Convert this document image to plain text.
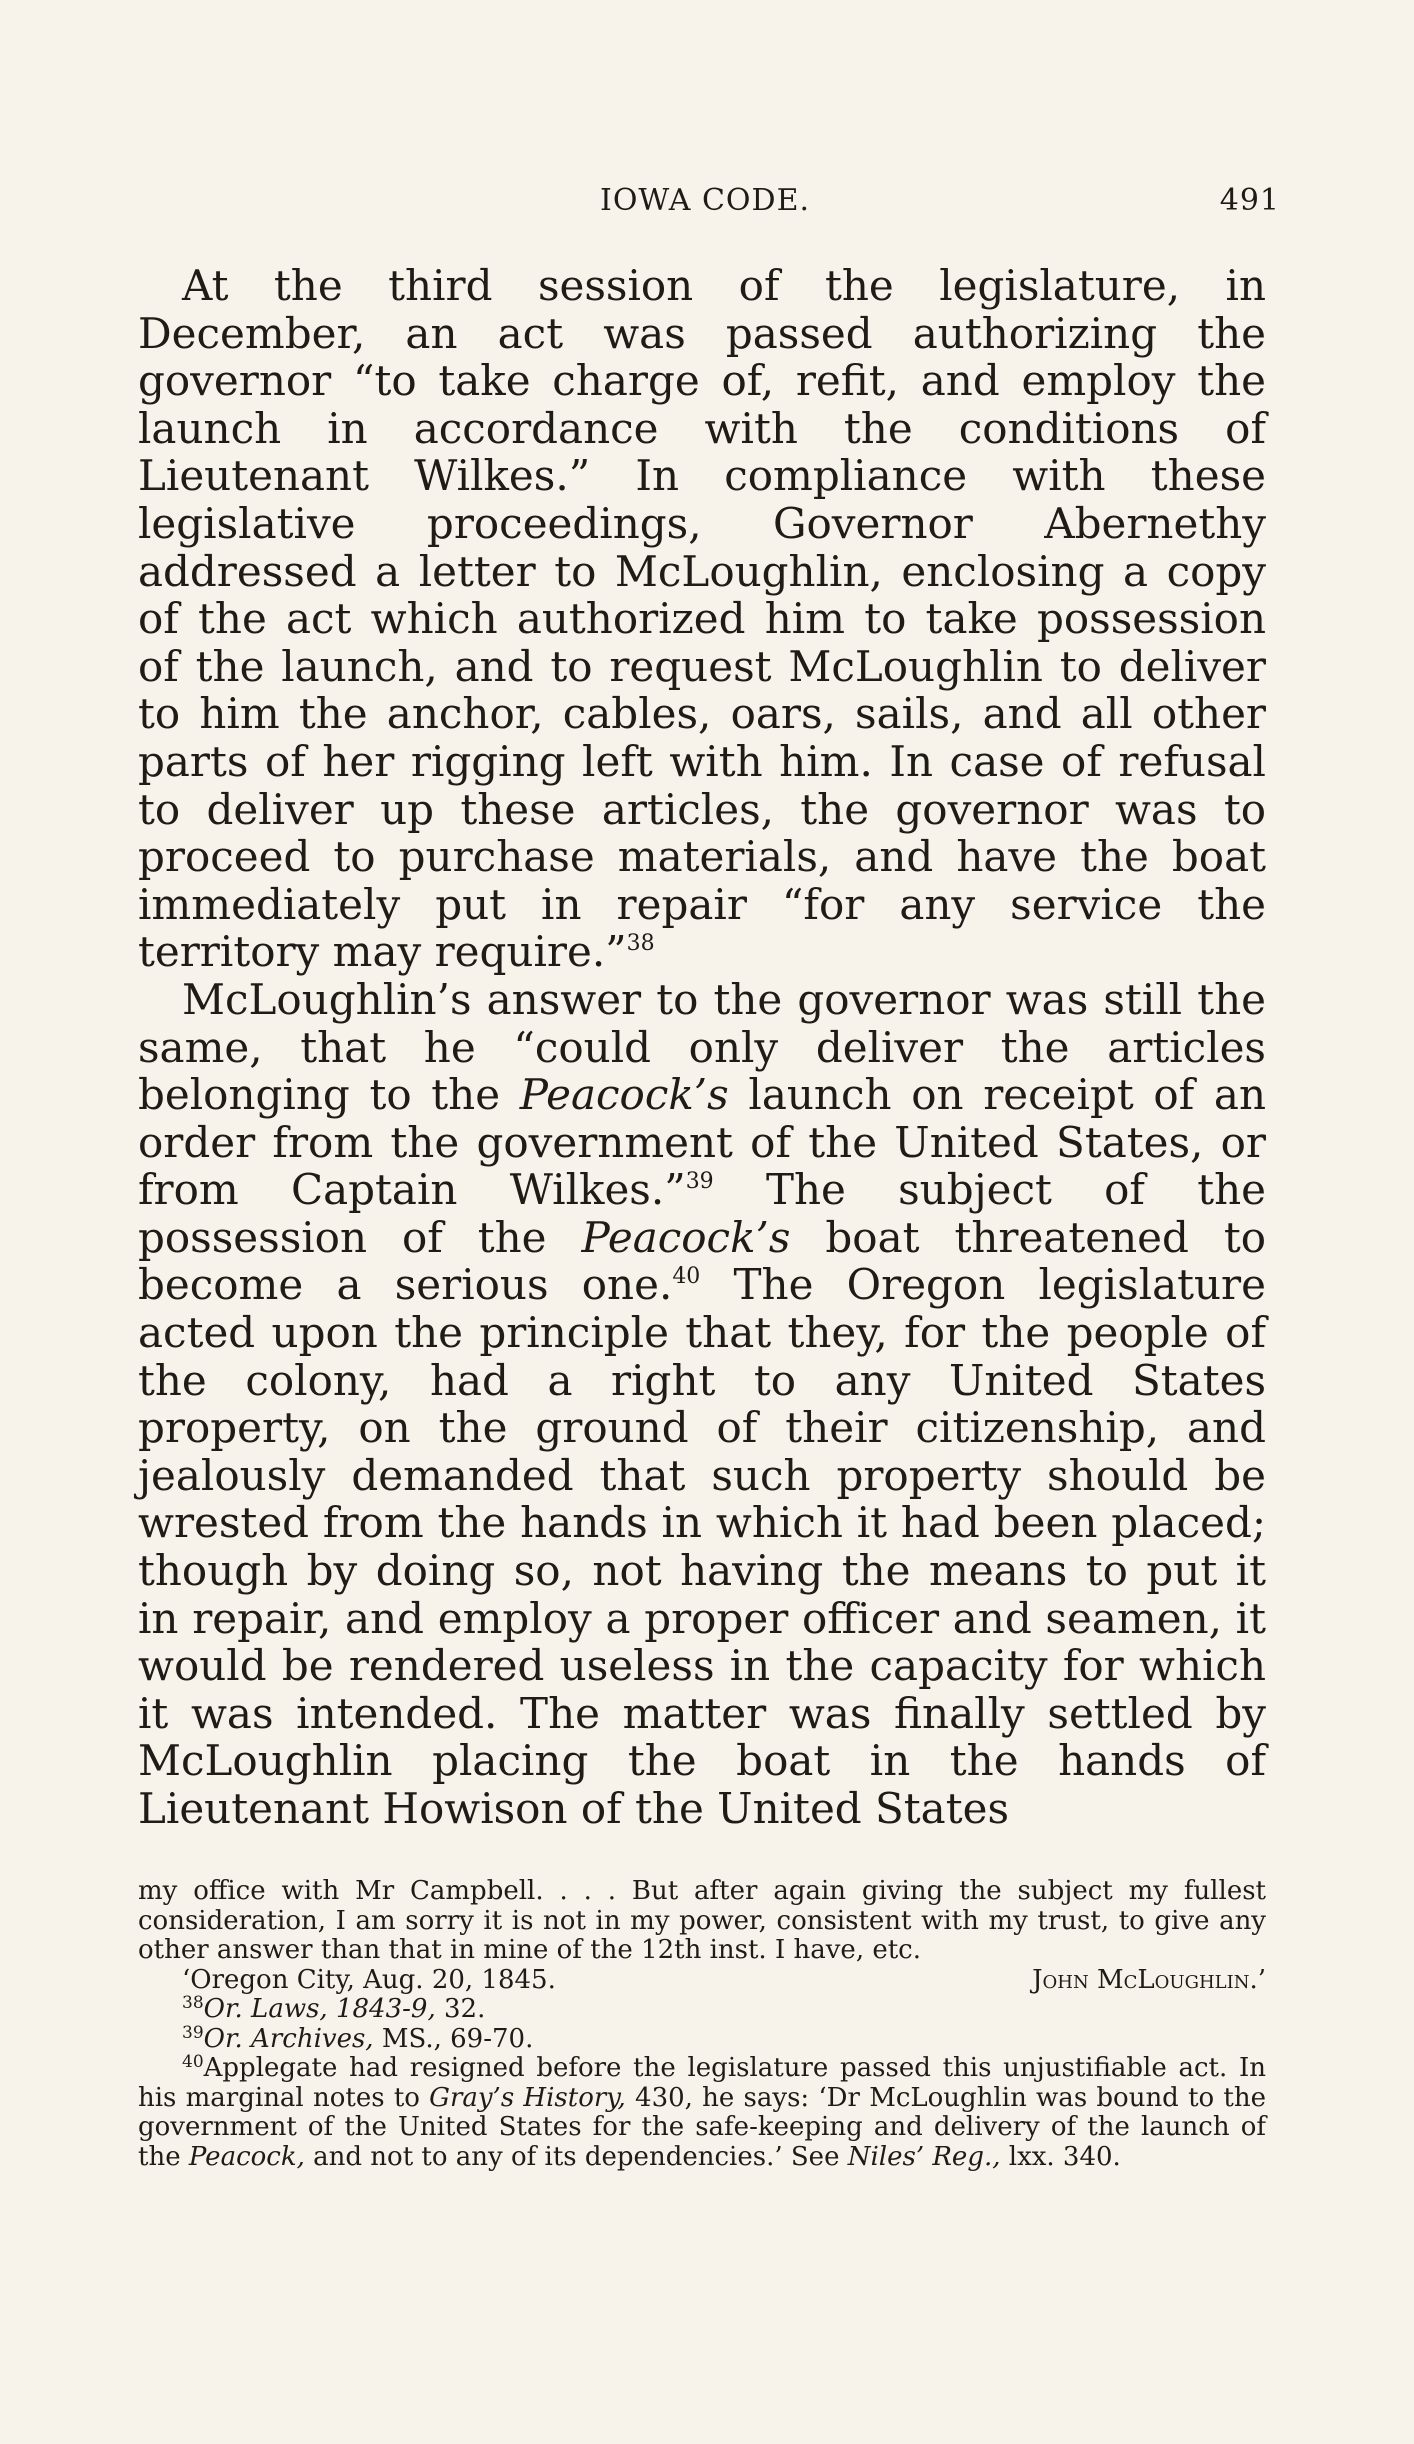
IOWA CODE.	491

At the third session of the legislature, in December, an act was passed authorizing the governor “to take charge of, refit, and employ the launch in accordance with the conditions of Lieutenant Wilkes.” In compliance with these legislative proceedings, Governor Abernethy addressed a letter to McLoughlin, enclosing a copy of the act which authorized him to take possession of the launch, and to request McLoughlin to deliver to him the anchor, cables, oars, sails, and all other parts of her rigging left with him. In case of refusal to deliver up these articles, the governor was to proceed to purchase materials, and have the boat immediately put in repair “for any service the territory may require.”$^{38}$

McLoughlin’s answer to the governor was still the same, that he “could only deliver the articles belonging to the Peacock’s launch on receipt of an order from the government of the United States, or from Captain Wilkes.”$^{39}$ The subject of the possession of the Peacock’s boat threatened to become a serious one.$^{40}$ The Oregon legislature acted upon the principle that they, for the people of the colony, had a right to any United States property, on the ground of their citizenship, and jealously demanded that such property should be wrested from the hands in which it had been placed; though by doing so, not having the means to put it in repair, and employ a proper officer and seamen, it would be rendered useless in the capacity for which it was intended. The matter was finally settled by McLoughlin placing the boat in the hands of Lieutenant Howison of the United States

my office with Mr Campbell. . . . But after again giving the subject my fullest consideration, I am sorry it is not in my power, consistent with my trust, to give any other answer than that in mine of the 12th inst. I have, etc.

‘Oregon City, Aug. 20, 1845.	John McLoughlin.’

$^{38}$Or. Laws, 1843-9, 32.

$^{39}$Or. Archives, MS., 69-70.

$^{40}$Applegate had resigned before the legislature passed this unjustifiable act. In his marginal notes to Gray’s History, 430, he says: ‘Dr McLoughlin was bound to the government of the United States for the safe-keeping and delivery of the launch of the Peacock, and not to any of its dependencies.’ See Niles’ Reg., lxx. 340.
